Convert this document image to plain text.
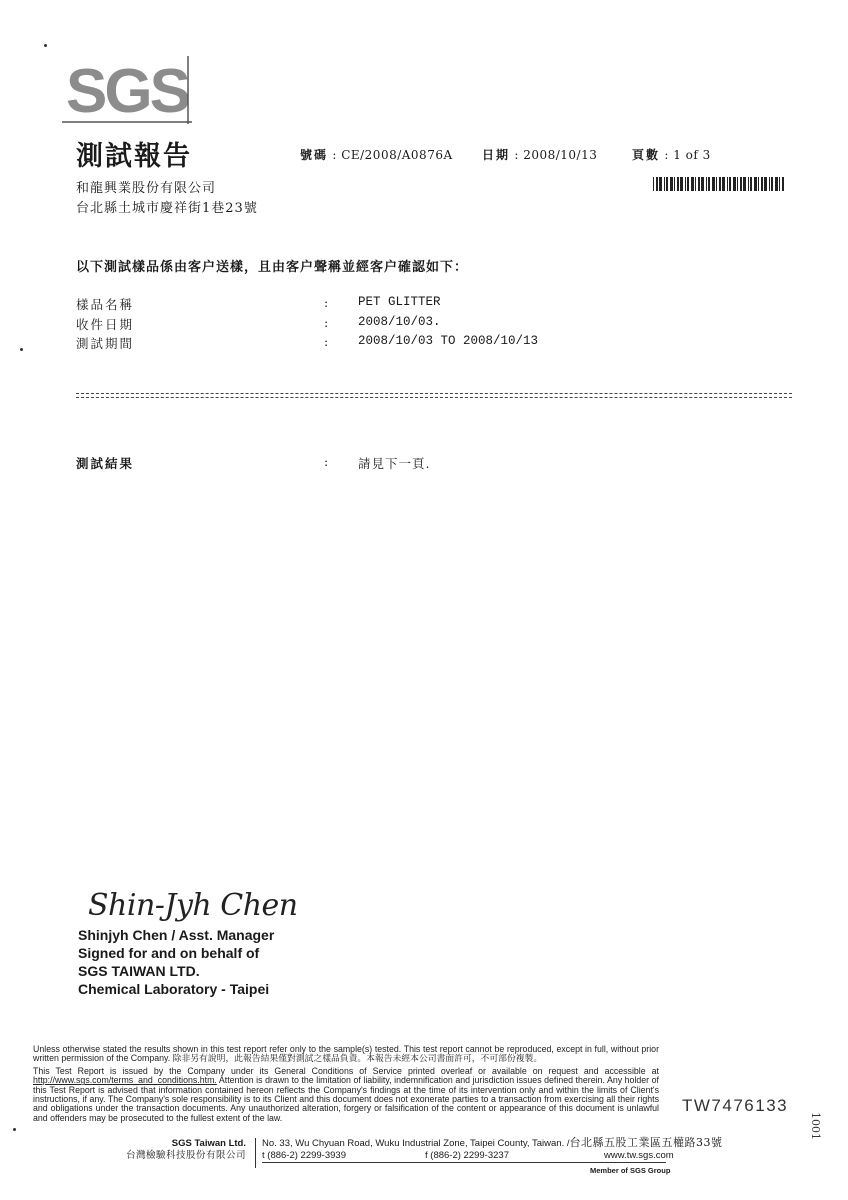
SGS
測試報告	號碼 : CE/2008/A0876A 日期 : 2008/10/13	頁數 : 1 of 3
和龍興業股份有限公司
台北縣土城市慶祥街1巷23號
以下測試樣品係由客户送樣，且由客户聲稱並經客户確認如下：
樣品名稱	: PET GLITTER
收件日期	: 2008/10/03.
測試期間	: 2008/10/03 TO 2008/10/13
測試結果	: 請見下一頁.
Shin-Jyh Chen
Shinjyh Chen / Asst. Manager
Signed for and on behalf of
SGS TAIWAN LTD.
Chemical Laboratory - Taipei

Unless otherwise stated the results shown in this test report refer only to the sample(s) tested. This test report cannot be reproduced, except in full, without prior written permission of the Company. 除非另有說明，此報告結果僅對測試之樣品負責。本報告未經本公司書面許可，不可部份複製。

This Test Report is issued by the Company under its General Conditions of Service printed overleaf or available on request and accessible at http://www.sgs.com/terms_and_conditions.htm. Attention is drawn to the limitation of liability, indemnification and jurisdiction issues defined therein. Any holder of this Test Report is advised that information contained hereon reflects the Company's findings at the time of its intervention only and within the limits of Client's instructions, if any. The Company's sole responsibility is to its Client and this document does not exonerate parties to a transaction from exercising all their rights and obligations under the transaction documents. Any unauthorized alteration, forgery or falsification of the content or appearance of this document is unlawful and offenders may be prosecuted to the fullest extent of the law.

TW7476133
1001
SGS Taiwan Ltd.
台灣檢驗科技股份有限公司
No. 33, Wu Chyuan Road, Wuku Industrial Zone, Taipei County, Taiwan. /台北縣五股工業區五權路33號
t (886-2) 2299-3939	f (886-2) 2299-3237	www.tw.sgs.com
Member of SGS Group
